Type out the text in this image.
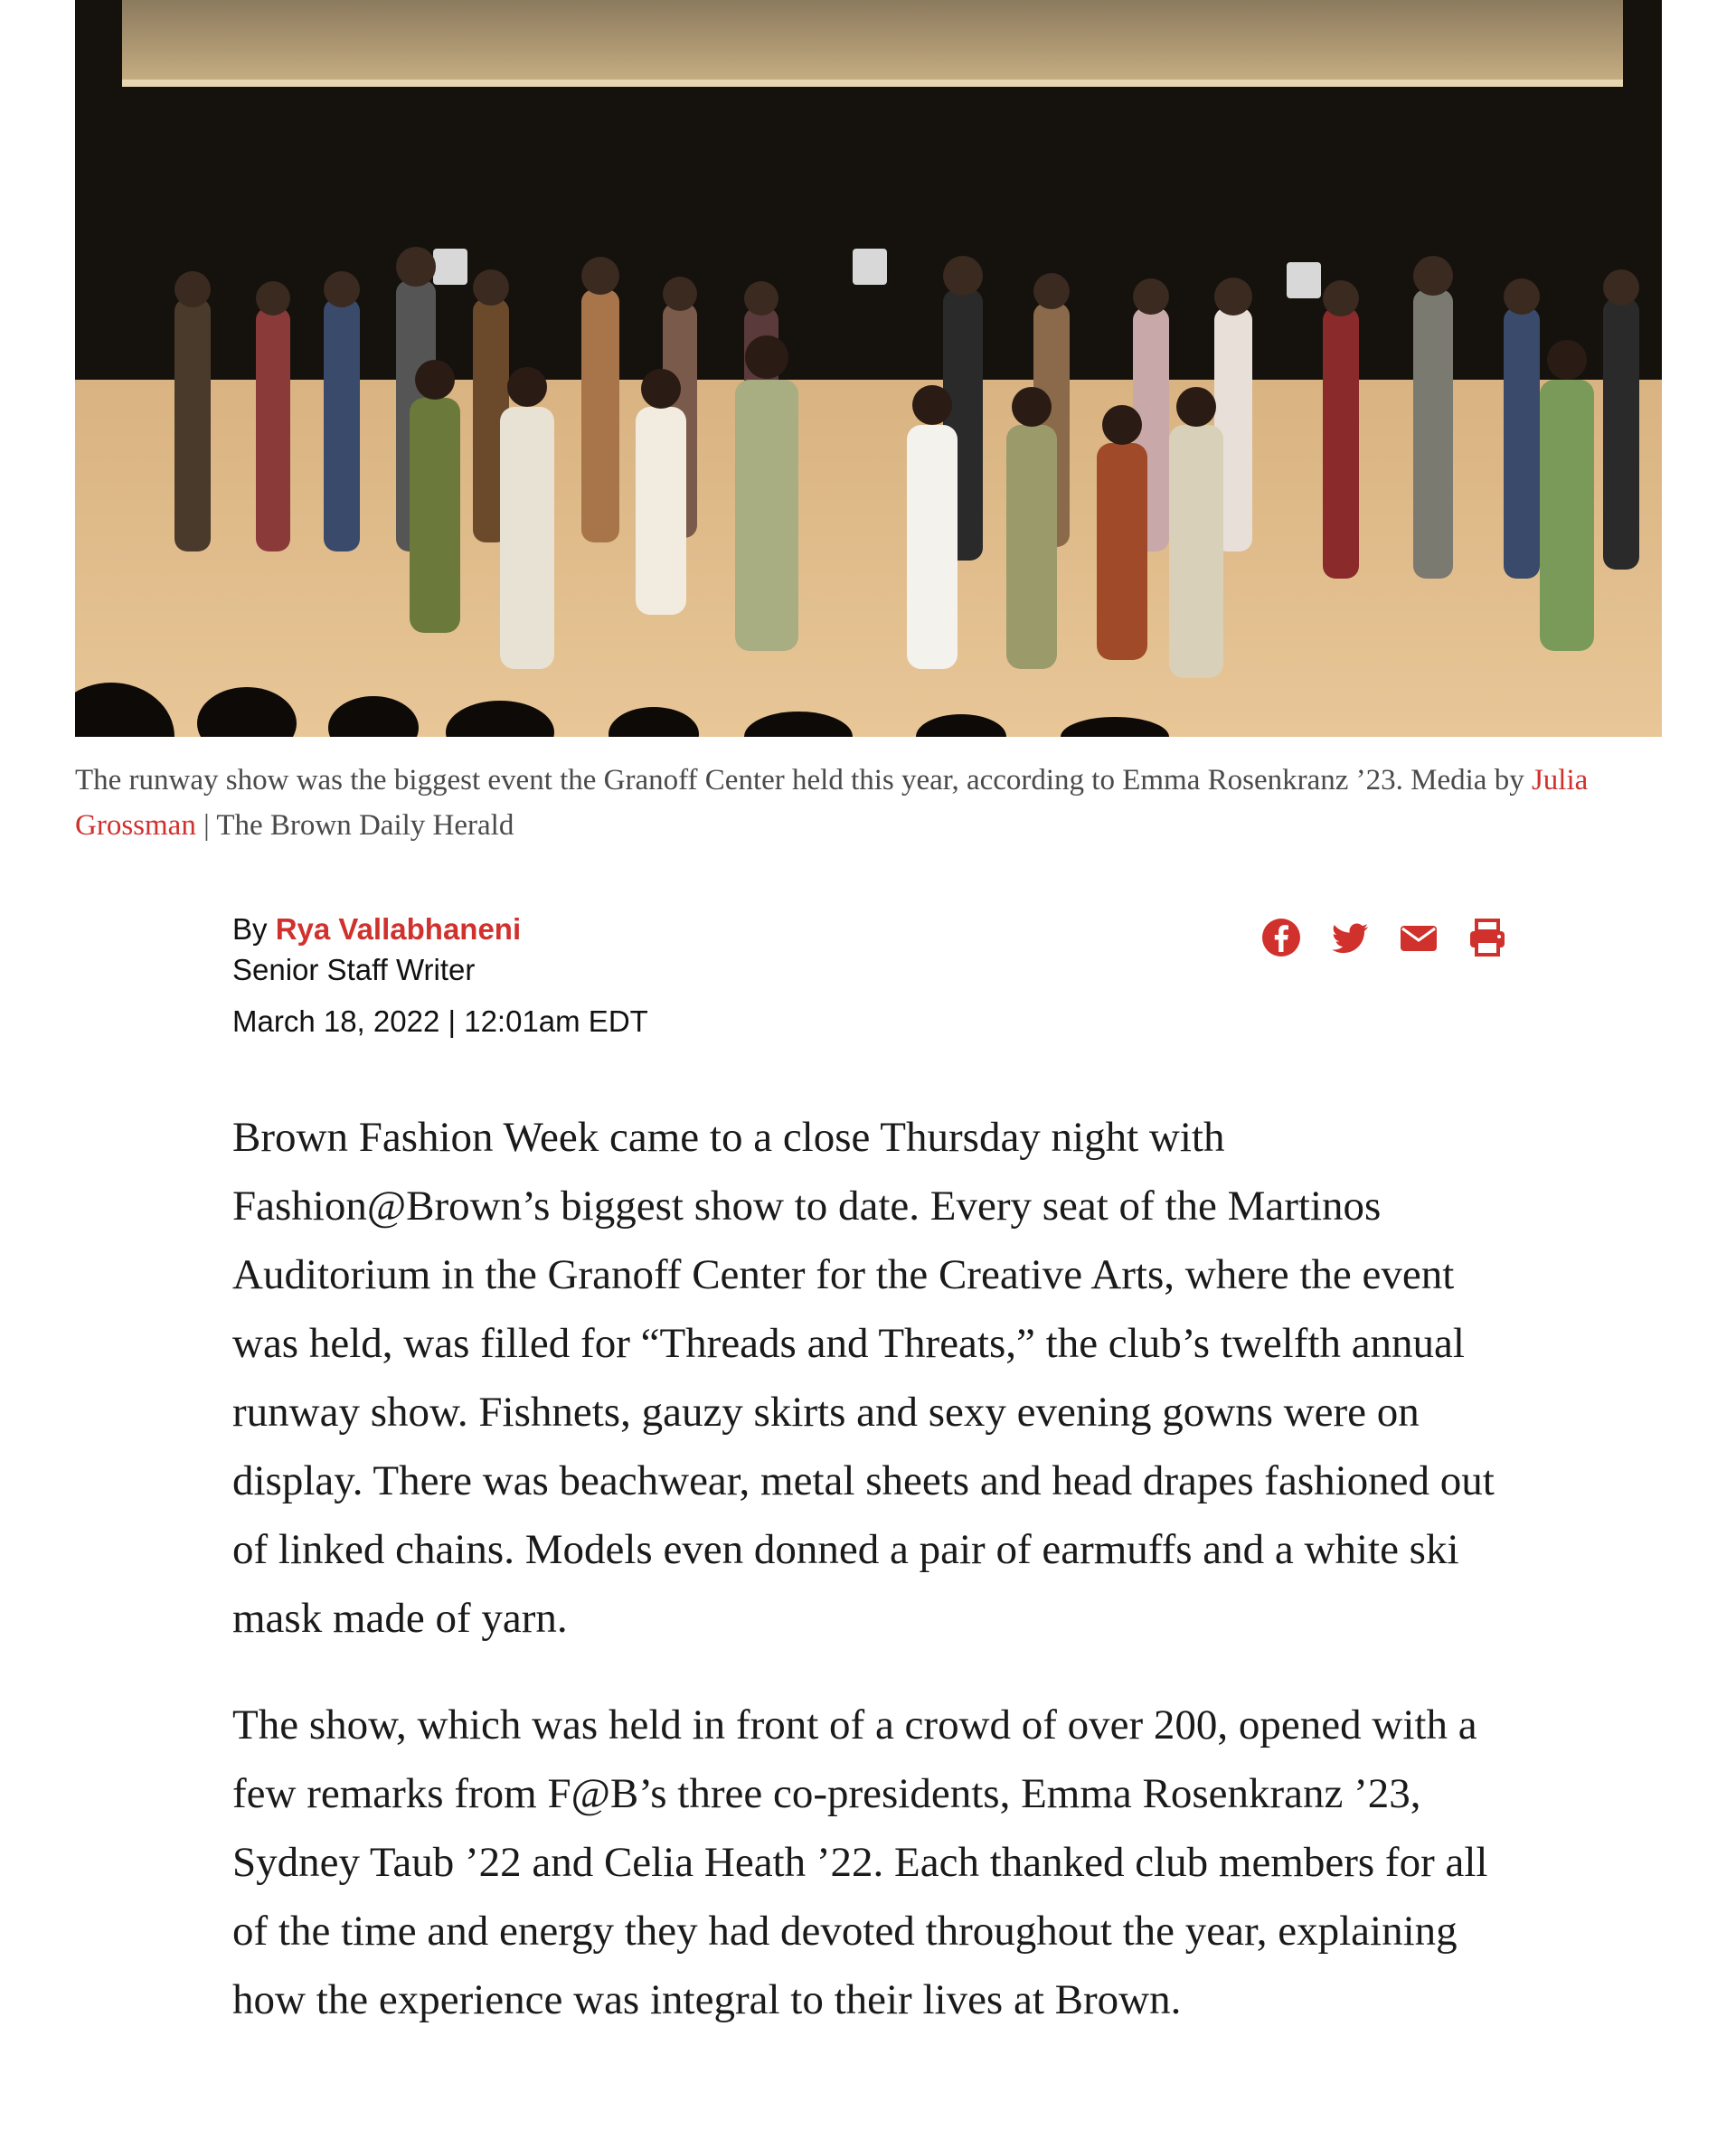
The runway show was the biggest event the Granoff Center held this year, according to Emma Rosenkranz ’23. Media by Julia Grossman | The Brown Daily Herald
By Rya Vallabhaneni
Senior Staff Writer
March 18, 2022 | 12:01am EDT

Brown Fashion Week came to a close Thursday night with Fashion@Brown’s biggest show to date. Every seat of the Martinos Auditorium in the Granoff Center for the Creative Arts, where the event was held, was filled for “Threads and Threats,” the club’s twelfth annual runway show. Fishnets, gauzy skirts and sexy evening gowns were on display. There was beachwear, metal sheets and head drapes fashioned out of linked chains. Models even donned a pair of earmuffs and a white ski mask made of yarn.

The show, which was held in front of a crowd of over 200, opened with a few remarks from F@B’s three co-presidents, Emma Rosenkranz ’23, Sydney Taub ’22 and Celia Heath ’22. Each thanked club members for all of the time and energy they had devoted throughout the year, explaining how the experience was integral to their lives at Brown.
